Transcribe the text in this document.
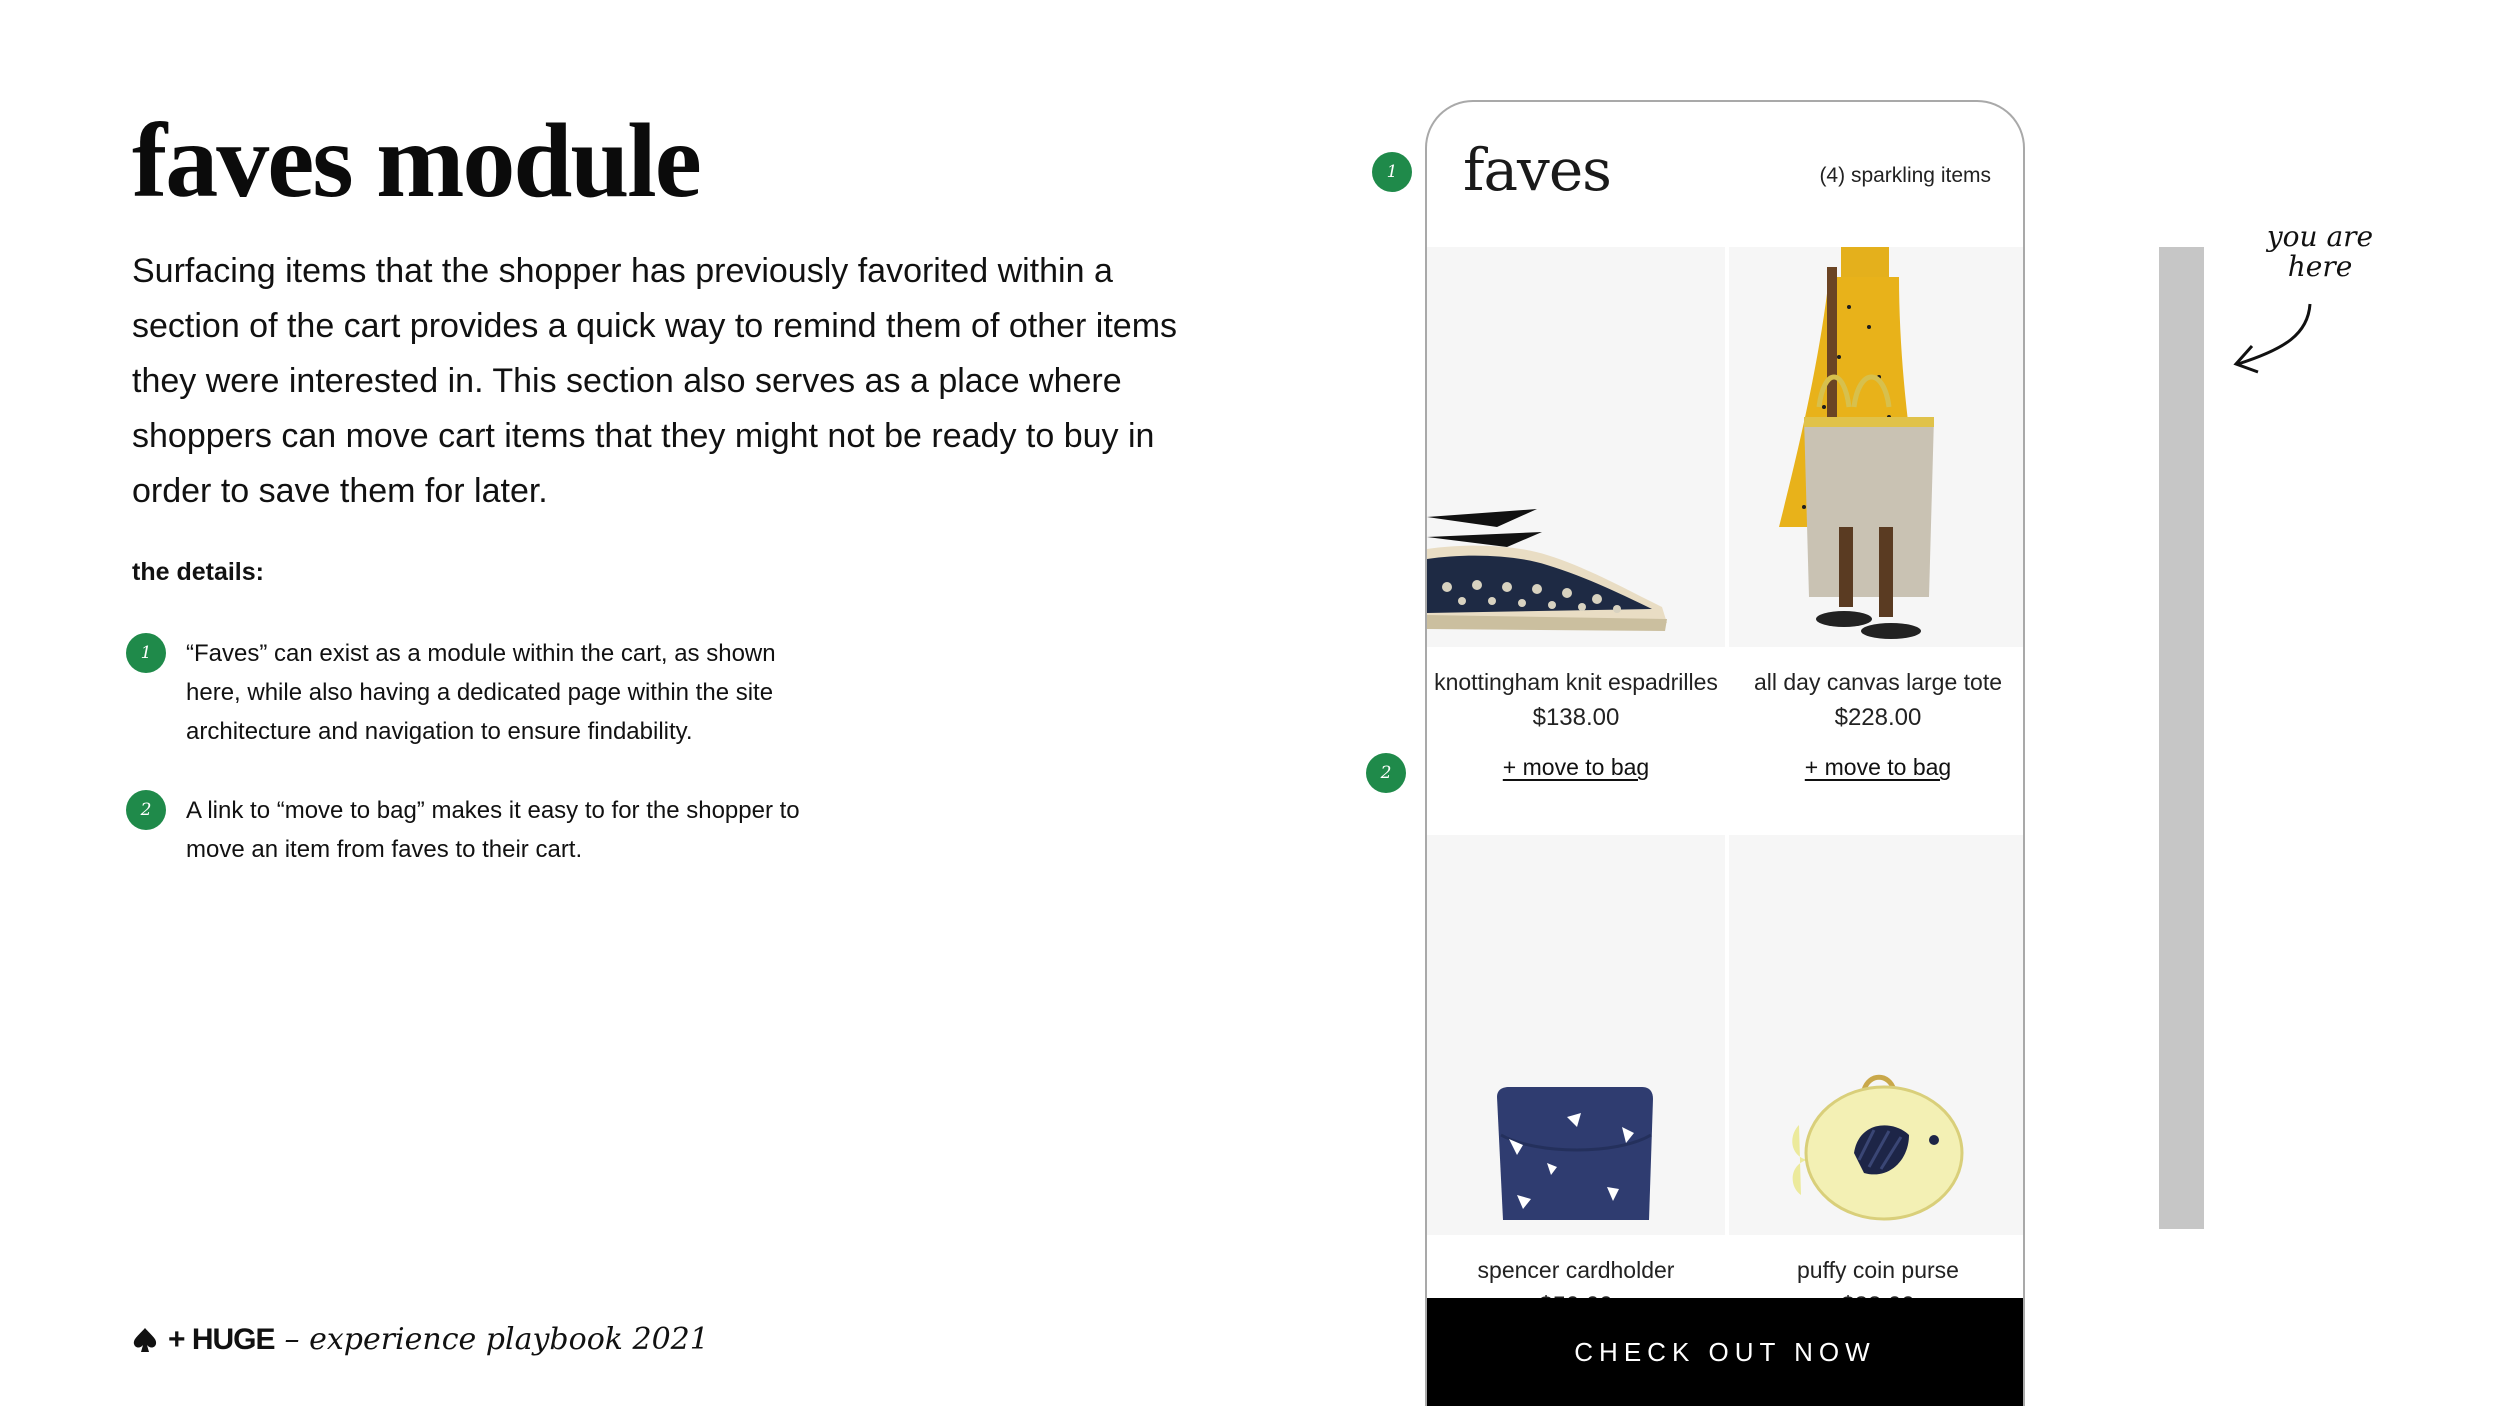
faves module

Surfacing items that the shopper has previously favorited within a section of the cart provides a quick way to remind them of other items they were interested in. This section also serves as a place where shoppers can move cart items that they might not be ready to buy in order to save them for later.

the details:

1	“Faves” can exist as a module within the cart, as shown here, while also having a dedicated page within the site architecture and navigation to ensure findability.
2	A link to “move to bag” makes it easy to for the shopper to move an item from faves to their cart.
+ HUGE – experience playbook 2021
1
2
faves	(4) sparkling items
knottingham knit espadrilles
$138.00
+ move to bag
all day canvas large tote
$228.00
+ move to bag
spencer cardholder	puffy coin purse
CHECK OUT NOW
you are here
